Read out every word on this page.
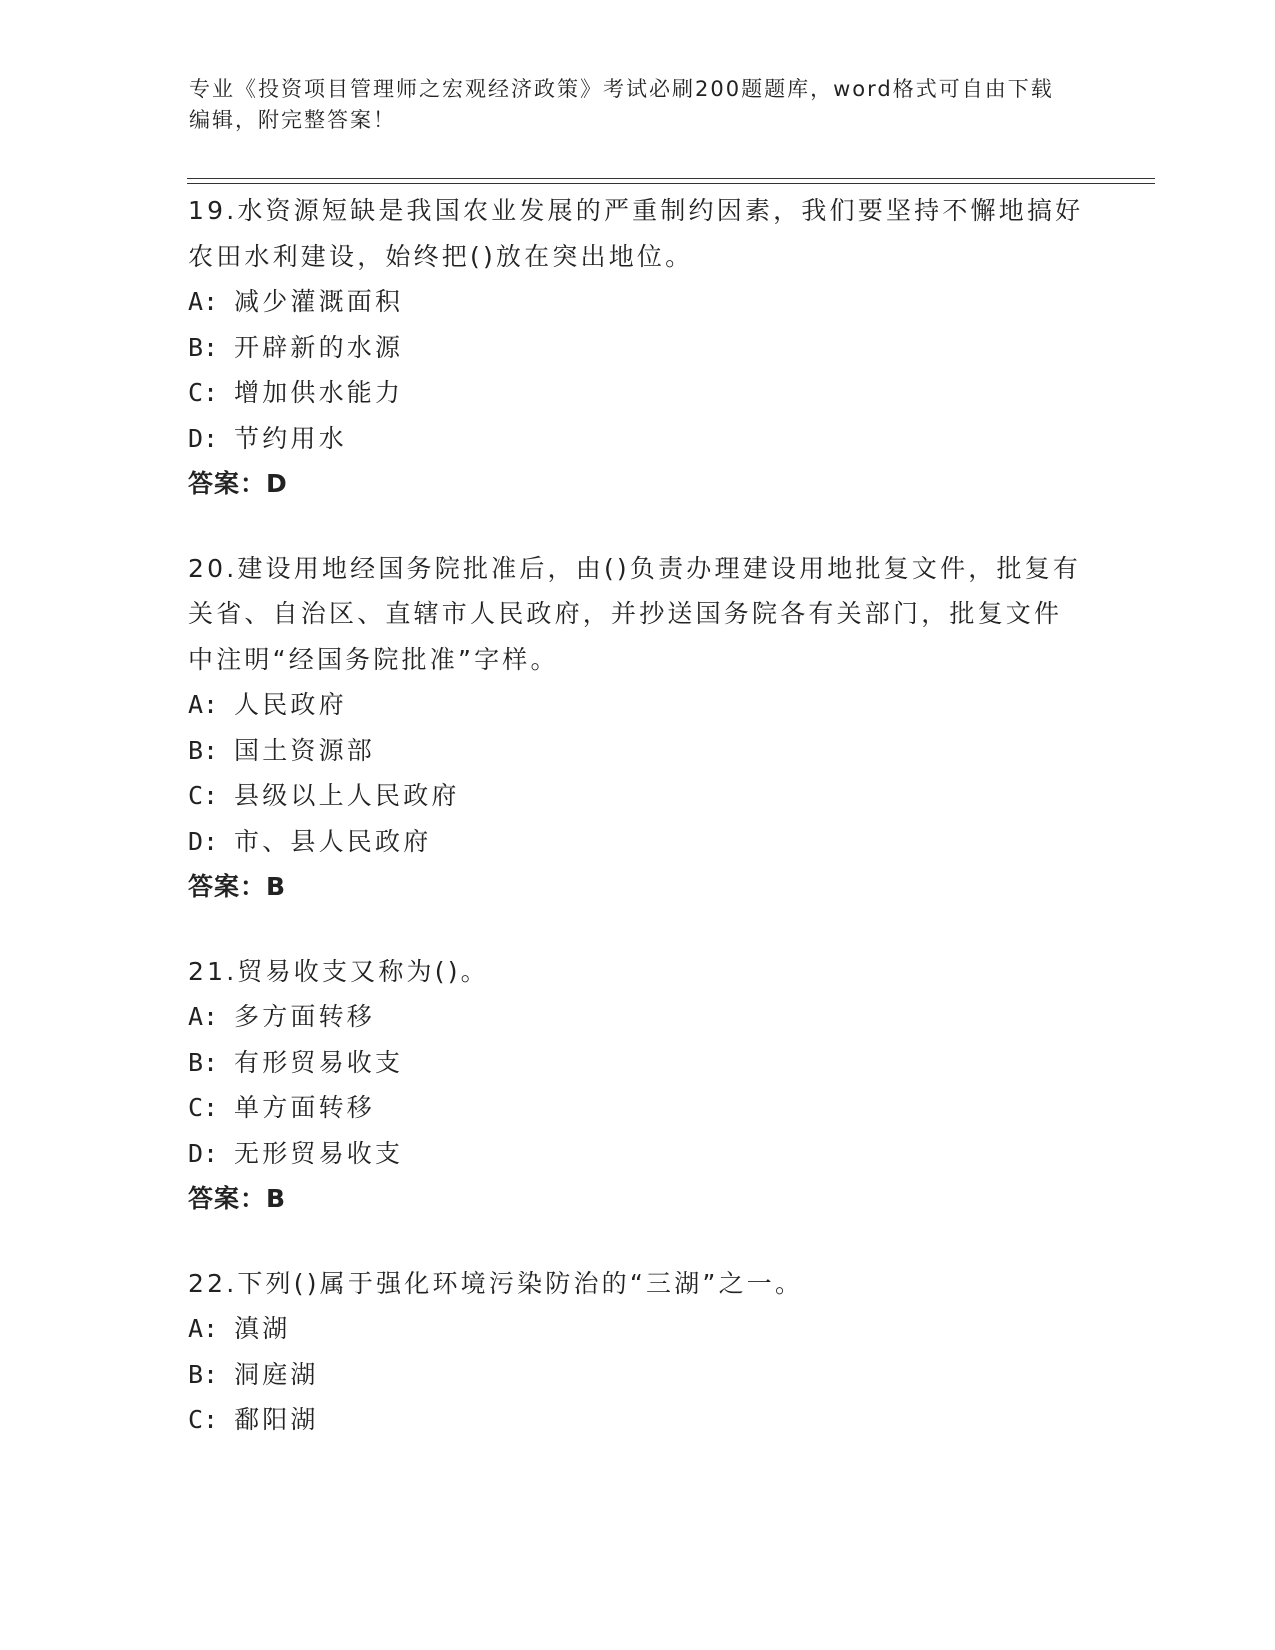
专业《投资项目管理师之宏观经济政策》考试必刷200题题库，word格式可自由下载编辑，附完整答案！

19.水资源短缺是我国农业发展的严重制约因素，我们要坚持不懈地搞好农田水利建设，始终把()放在突出地位。

A: 减少灌溉面积

B: 开辟新的水源

C: 增加供水能力

D: 节约用水

答案：D

20.建设用地经国务院批准后，由()负责办理建设用地批复文件，批复有关省、自治区、直辖市人民政府，并抄送国务院各有关部门，批复文件中注明“经国务院批准”字样。

A: 人民政府

B: 国土资源部

C: 县级以上人民政府

D: 市、县人民政府

答案：B

21.贸易收支又称为()。

A: 多方面转移

B: 有形贸易收支

C: 单方面转移

D: 无形贸易收支

答案：B

22.下列()属于强化环境污染防治的“三湖”之一。

A: 滇湖

B: 洞庭湖

C: 鄱阳湖
